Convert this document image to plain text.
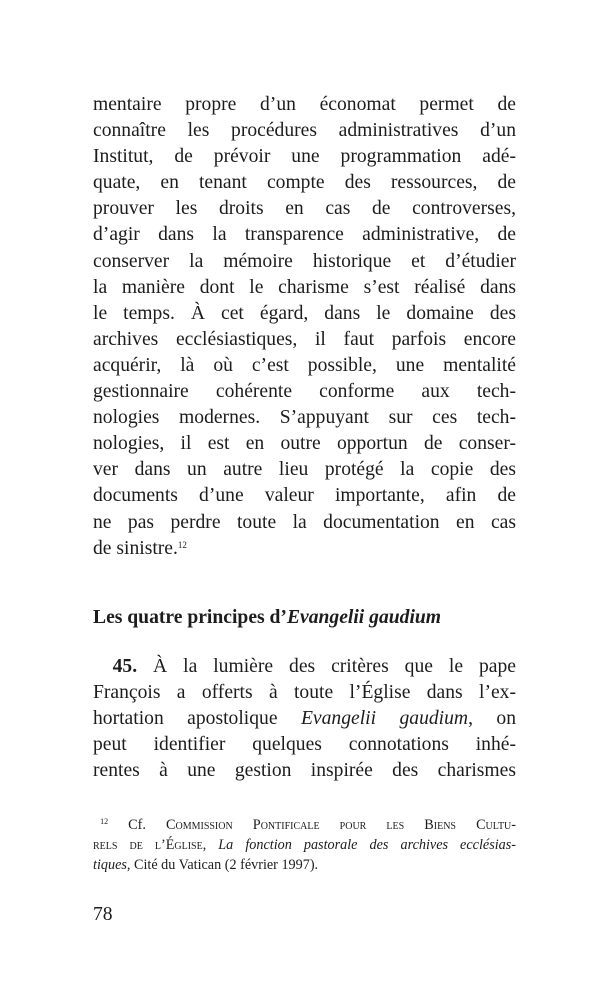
mentaire propre d’un économat permet de
connaître les procédures administratives d’un
Institut, de prévoir une programmation adé-
quate, en tenant compte des ressources, de
prouver les droits en cas de controverses,
d’agir dans la transparence administrative, de
conserver la mémoire historique et d’étudier
la manière dont le charisme s’est réalisé dans
le temps. À cet égard, dans le domaine des
archives ecclésiastiques, il faut parfois encore
acquérir, là où c’est possible, une mentalité
gestionnaire cohérente conforme aux tech-
nologies modernes. S’appuyant sur ces tech-
nologies, il est en outre opportun de conser-
ver dans un autre lieu protégé la copie des
documents d’une valeur importante, afin de
ne pas perdre toute la documentation en cas
de sinistre.$^{12}$

Les quatre principes d’Evangelii gaudium
 45. À la lumière des critères que le pape
François a offerts à toute l’Église dans l’ex-
hortation apostolique Evangelii gaudium, on
peut identifier quelques connotations inhé-
rentes à une gestion inspirée des charismes
 $^{12}$ Cf. Commission Pontificale pour les Biens Cultu-
rels de l’Église, La fonction pastorale des archives ecclésias-
tiques, Cité du Vatican (2 février 1997).
78
